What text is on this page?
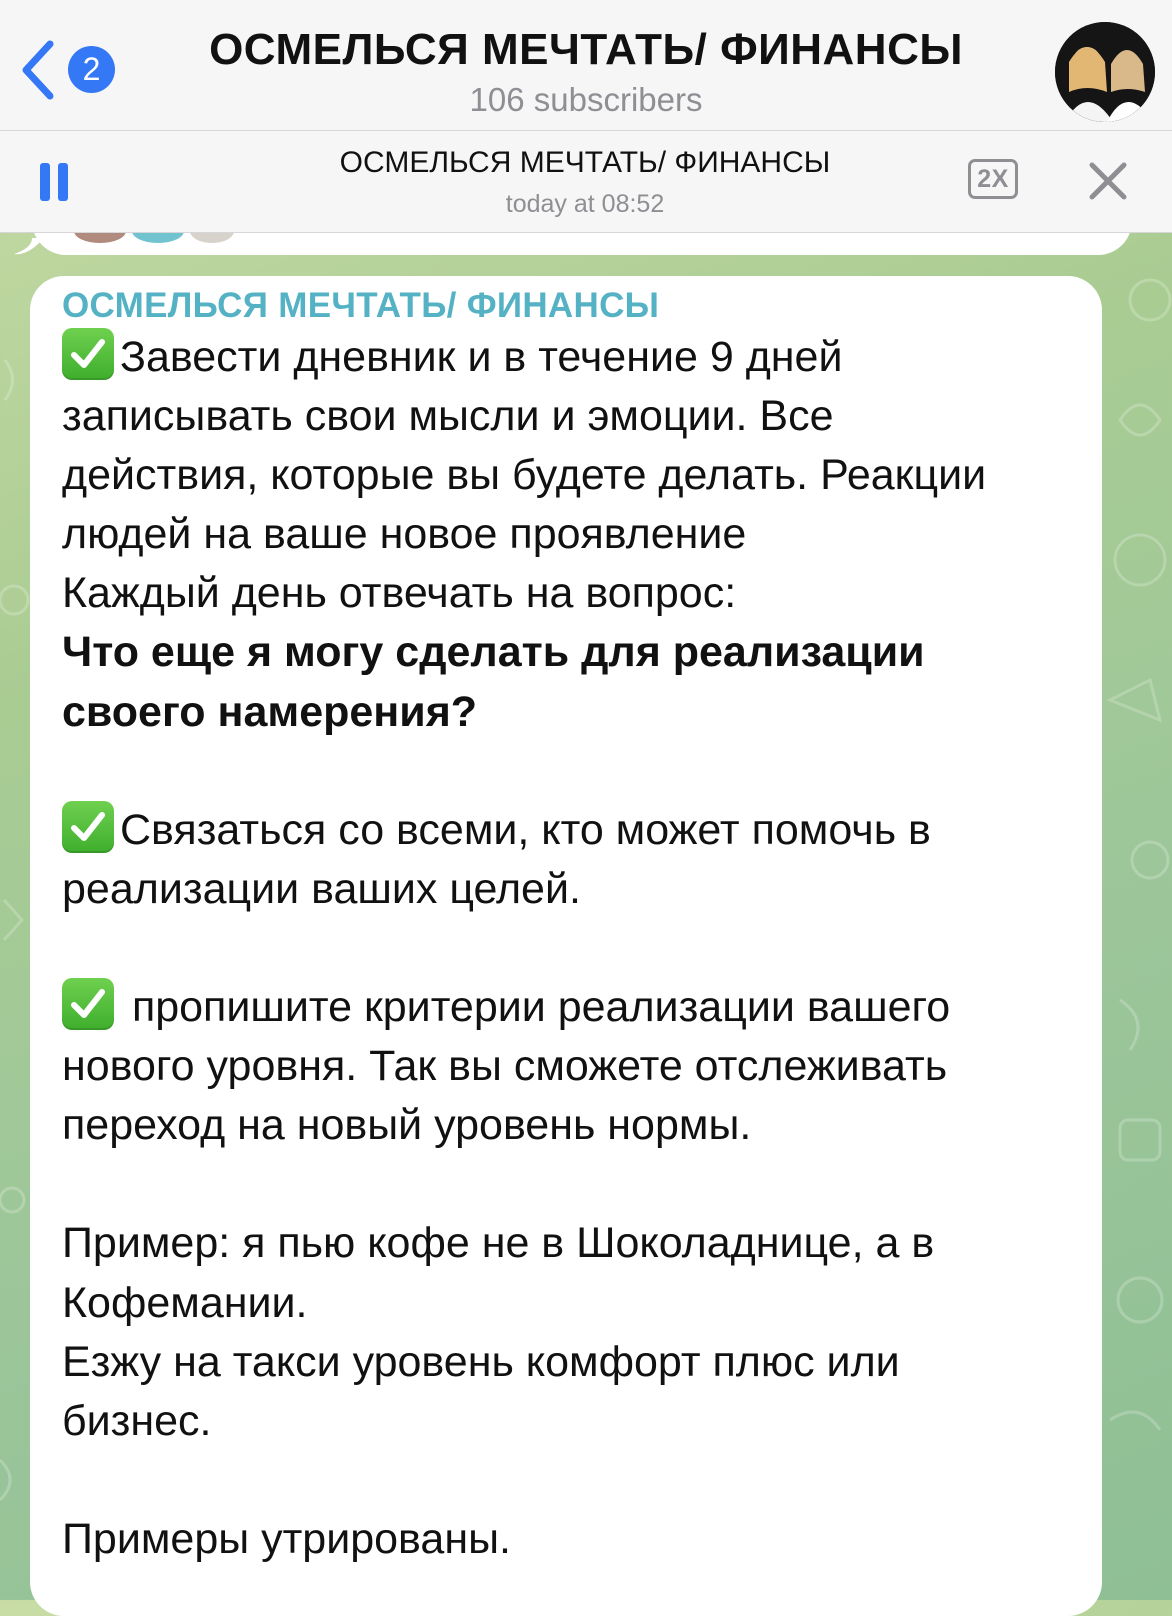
2	ОСМЕЛЬСЯ МЕЧТАТЬ/ ФИНАНСЫ
106 subscribers
ОСМЕЛЬСЯ МЕЧТАТЬ/ ФИНАНСЫ
today at 08:52
2X
ОСМЕЛЬСЯ МЕЧТАТЬ/ ФИНАНСЫ

Завести дневник и в течение 9 дней

записывать свои мысли и эмоции. Все

действия, которые вы будете делать. Реакции

людей на ваше новое проявление

Каждый день отвечать на вопрос:

Что еще я могу сделать для реализации

своего намерения?

Связаться со всеми, кто может помочь в

реализации ваших целей.

пропишите критерии реализации вашего

нового уровня. Так вы сможете отслеживать

переход на новый уровень нормы.

Пример: я пью кофе не в Шоколаднице, а в

Кофемании.

Езжу на такси уровень комфорт плюс или

бизнес.

Примеры утрированы.
